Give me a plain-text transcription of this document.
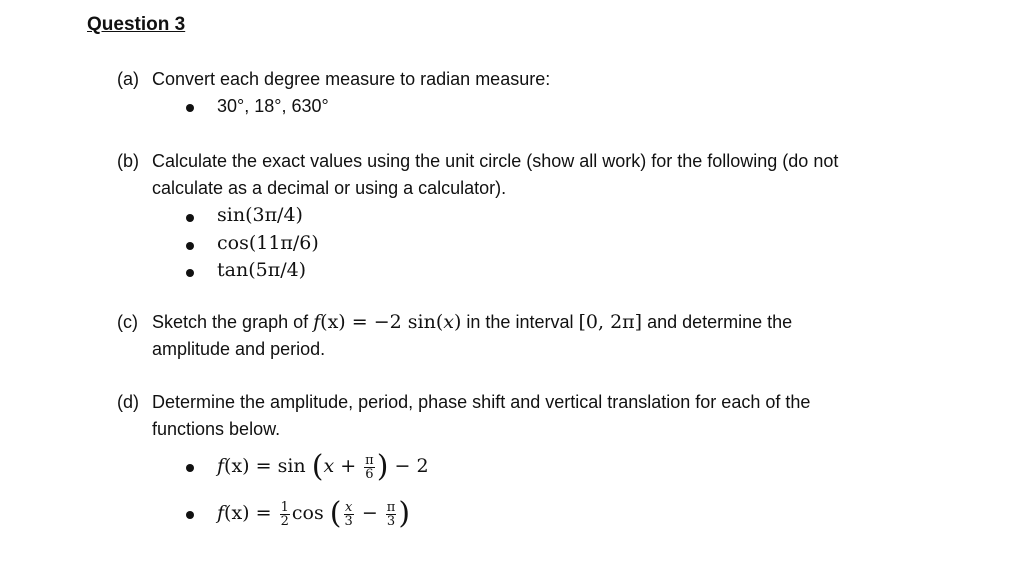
Question 3
(a) Convert each degree measure to radian measure:
30°, 18°, 630°
(b) Calculate the exact values using the unit circle (show all work) for the following (do not
calculate as a decimal or using a calculator).
sin(3π/4)
cos(11π/6)
tan(5π/4)
(c) Sketch the graph of f(x) = −2 sin(x) in the interval [0, 2π] and determine the
amplitude and period.
(d) Determine the amplitude, period, phase shift and vertical translation for each of the
functions below.
$f(x) = \sin (x + \frac{\pi}{6}$ ) − 2
$f(x) = \frac{1}{2}$ cos ( $\frac{x}{3} - \frac{\pi}{3}$ )
